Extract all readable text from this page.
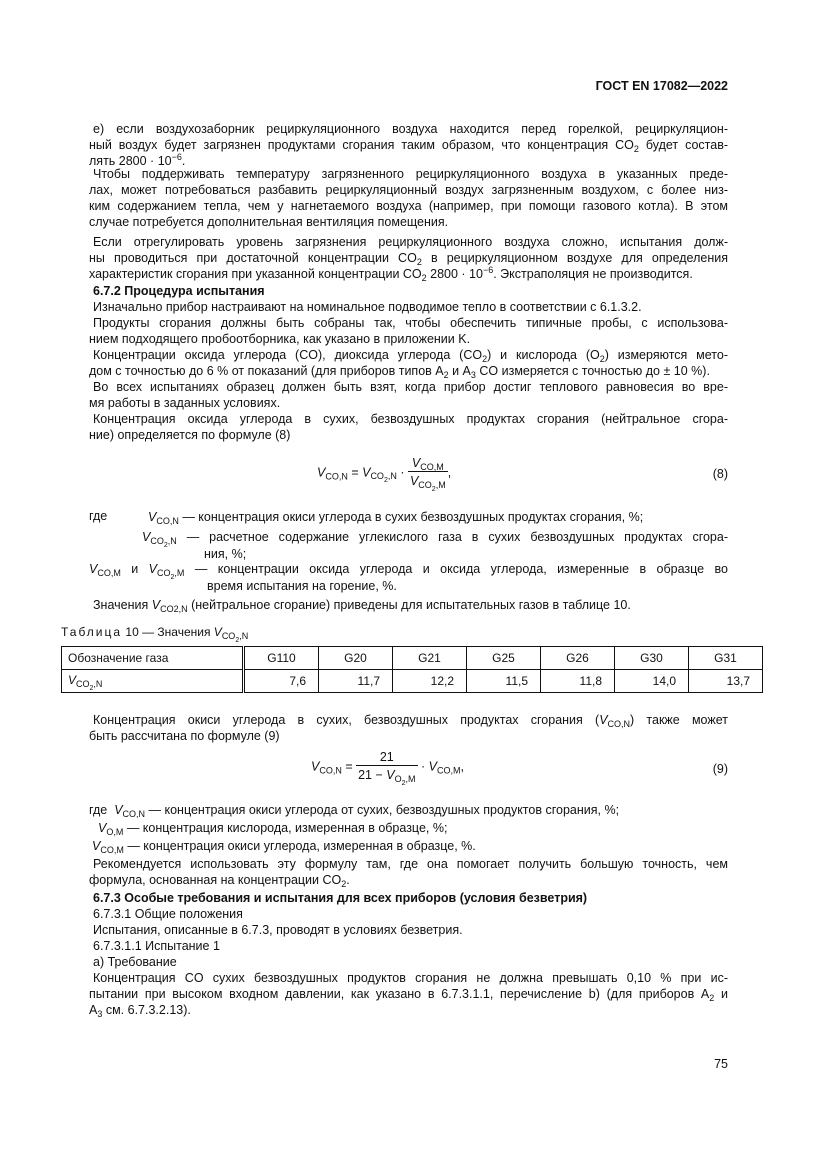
ГОСТ EN 17082—2022
е) если воздухозаборник рециркуляционного воздуха находится перед горелкой, рециркуляцион-
ный воздух будет загрязнен продуктами сгорания таким образом, что концентрация $CO_2$ будет состав-
лять $2800 \cdot 10^{-6}$.
Чтобы поддерживать температуру загрязненного рециркуляционного воздуха в указанных преде-
лах, может потребоваться разбавить рециркуляционный воздух загрязненным воздухом, с более низ-
ким содержанием тепла, чем у нагнетаемого воздуха (например, при помощи газового котла). В этом
случае потребуется дополнительная вентиляция помещения.
Если отрегулировать уровень загрязнения рециркуляционного воздуха сложно, испытания долж-
ны проводиться при достаточной концентрации $CO_2$ в рециркуляционном воздухе для определения
характеристик сгорания при указанной концентрации $CO_2$ $2800 \cdot 10^{-6}$. Экстраполяция не производится.
6.7.2 Процедура испытания
Изначально прибор настраивают на номинальное подводимое тепло в соответствии с 6.1.3.2.
Продукты сгорания должны быть собраны так, чтобы обеспечить типичные пробы, с использова-
нием подходящего пробоотборника, как указано в приложении K.
Концентрации оксида углерода (CO), диоксида углерода $(CO_2)$ и кислорода $(O_2)$ измеряются мето-
дом с точностью до 6 % от показаний (для приборов типов $A_2$ и $A_3$ CO измеряется с точностью до ± 10 %).
Во всех испытаниях образец должен быть взят, когда прибор достиг теплового равновесия во вре-
мя работы в заданных условиях.
Концентрация оксида углерода в сухих, безвоздушных продуктах сгорания (нейтральное сгора-
ние) определяется по формуле (8)
$V_{CO,N} = V_{CO_2,N} \cdot \frac{V_{CO,M}}{V_{CO_2,M}}$ ,	(8)
где	$V_{CO,N}$ — концентрация окиси углерода в сухих безвоздушных продуктах сгорания, %;
$V_{CO_2,N}$ — расчетное содержание углекислого газа в сухих безвоздушных продуктах сгора-
ния, %;
$V_{CO,M}$ и $V_{CO_2,M}$ — концентрации оксида углерода и оксида углерода, измеренные в образце во
время испытания на горение, %.
Значения $V_{CO2,N}$ (нейтральное сгорание) приведены для испытательных газов в таблице 10.
Таблица 10 — Значения $V_{CO_2,N}$
Обозначение газа	G110	G20	G21	G25	G26	G30	G31
$V_{CO_2,N}$	7,6	11,7	12,2	11,5	11,8	14,0	13,7
Концентрация окиси углерода в сухих, безвоздушных продуктах сгорания $(V_{CO,N})$ также может
быть рассчитана по формуле (9)
$V_{CO,N} = \frac{21}{21 - V_{O_2,M}} \cdot V_{CO,M}$,	(9)
где $V_{CO,N}$ — концентрация окиси углерода от сухих, безвоздушных продуктов сгорания, %;
$V_{O,M}$ — концентрация кислорода, измеренная в образце, %;
$V_{CO,M}$ — концентрация окиси углерода, измеренная в образце, %.
Рекомендуется использовать эту формулу там, где она помогает получить большую точность, чем
формула, основанная на концентрации $CO_2$.
6.7.3 Особые требования и испытания для всех приборов (условия безветрия)
6.7.3.1 Общие положения
Испытания, описанные в 6.7.3, проводят в условиях безветрия.
6.7.3.1.1 Испытание 1
a) Требование
Концентрация CO сухих безвоздушных продуктов сгорания не должна превышать 0,10 % при ис-
пытании при высоком входном давлении, как указано в 6.7.3.1.1, перечисление b) (для приборов $A_2$ и
$A_3$ см. 6.7.3.2.13).
75
